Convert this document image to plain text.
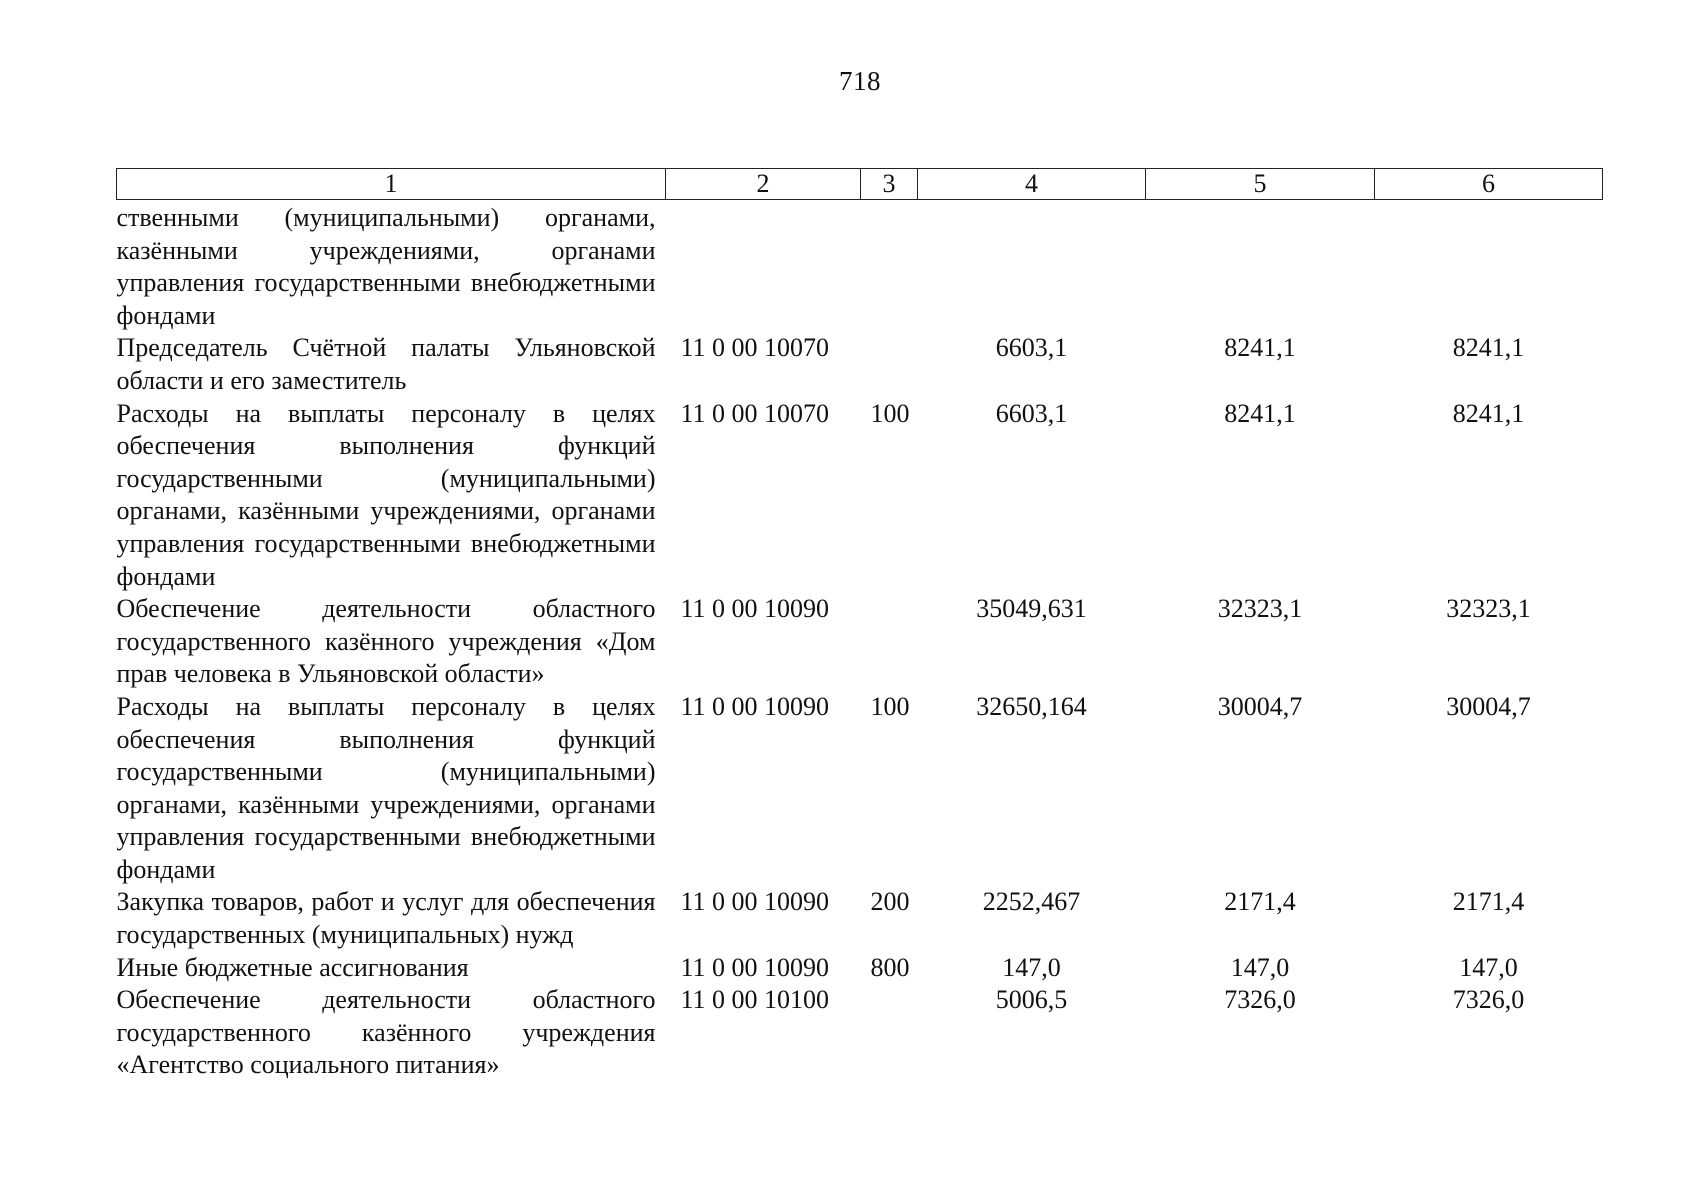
718
1	2	3	4	5	6
ственными (муниципальными) органами, казёнными учреждениями, органами управления государственными внебюджетными фондами					
Председатель Счётной палаты Ульяновской области и его заместитель	11 0 00 10070		6603,1	8241,1	8241,1
Расходы на выплаты персоналу в целях обеспечения выполнения функций государственными (муниципальными) органами, казёнными учреждениями, органами управления государственными внебюджетными фондами	11 0 00 10070	100	6603,1	8241,1	8241,1
Обеспечение деятельности областного государственного казённого учреждения «Дом прав человека в Ульяновской области»	11 0 00 10090		35049,631	32323,1	32323,1
Расходы на выплаты персоналу в целях обеспечения выполнения функций государственными (муниципальными) органами, казёнными учреждениями, органами управления государственными внебюджетными фондами	11 0 00 10090	100	32650,164	30004,7	30004,7
Закупка товаров, работ и услуг для обеспечения государственных (муниципальных) нужд	11 0 00 10090	200	2252,467	2171,4	2171,4
Иные бюджетные ассигнования	11 0 00 10090	800	147,0	147,0	147,0
Обеспечение деятельности областного государственного казённого учреждения «Агентство социального питания»	11 0 00 10100		5006,5	7326,0	7326,0
